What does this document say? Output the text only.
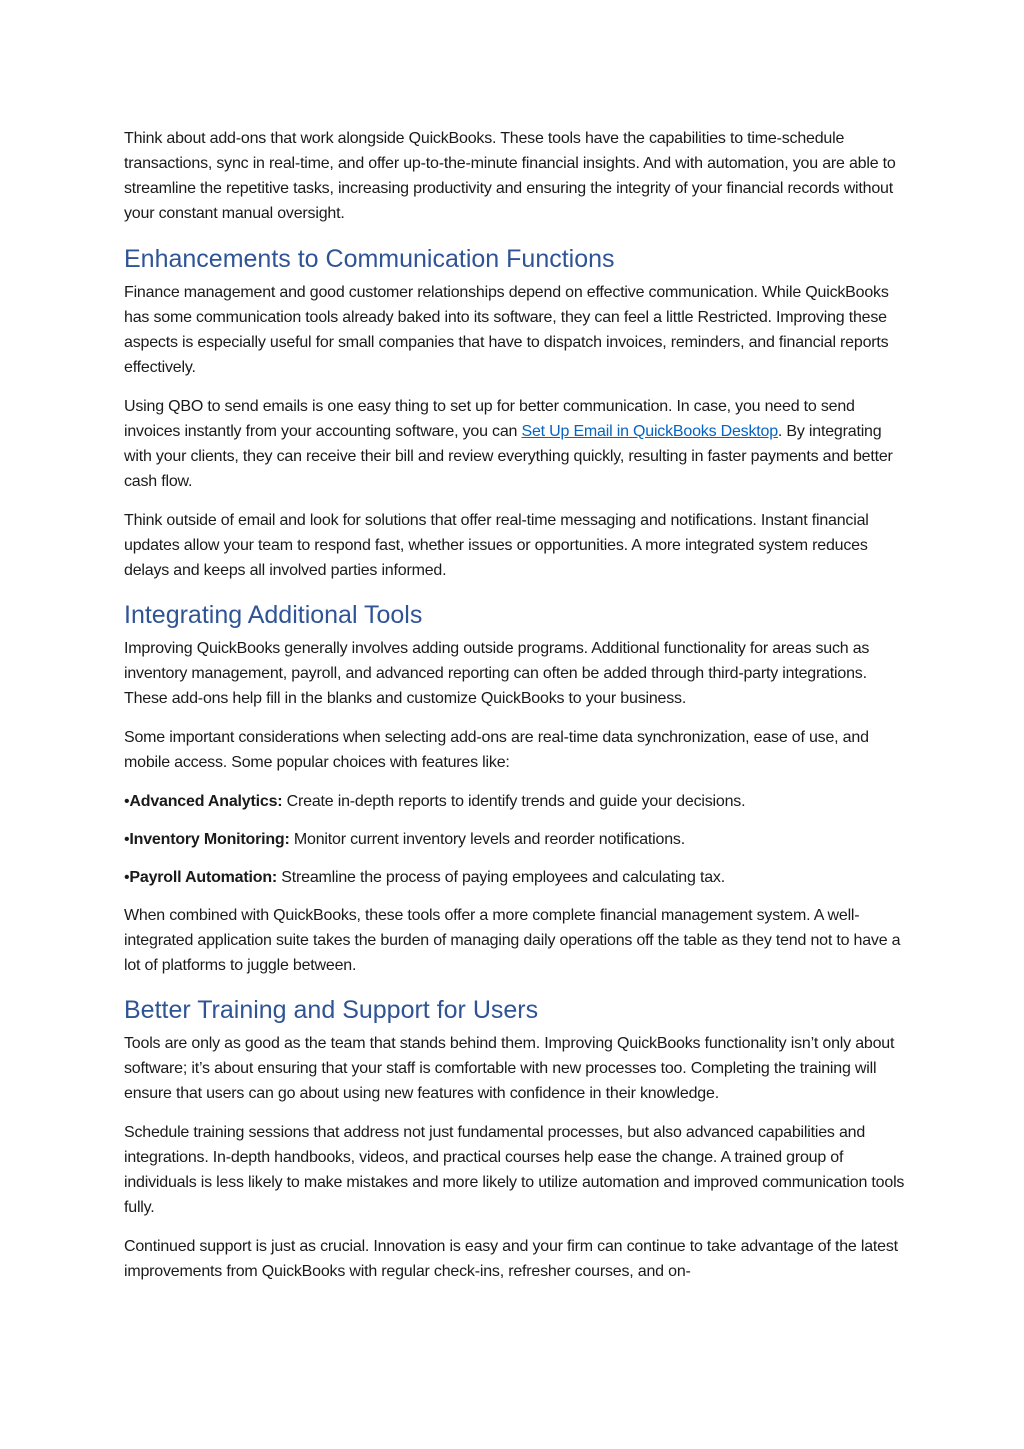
Think about add-ons that work alongside QuickBooks. These tools have the capabilities to time-schedule transactions, sync in real-time, and offer up-to-the-minute financial insights. And with automation, you are able to streamline the repetitive tasks, increasing productivity and ensuring the integrity of your financial records without your constant manual oversight.

Enhancements to Communication Functions

Finance management and good customer relationships depend on effective communication. While QuickBooks has some communication tools already baked into its software, they can feel a little Restricted. Improving these aspects is especially useful for small companies that have to dispatch invoices, reminders, and financial reports effectively.

Using QBO to send emails is one easy thing to set up for better communication. In case, you need to send invoices instantly from your accounting software, you can Set Up Email in QuickBooks Desktop. By integrating with your clients, they can receive their bill and review everything quickly, resulting in faster payments and better cash flow.

Think outside of email and look for solutions that offer real-time messaging and notifications. Instant financial updates allow your team to respond fast, whether issues or opportunities. A more integrated system reduces delays and keeps all involved parties informed.

Integrating Additional Tools

Improving QuickBooks generally involves adding outside programs. Additional functionality for areas such as inventory management, payroll, and advanced reporting can often be added through third-party integrations. These add-ons help fill in the blanks and customize QuickBooks to your business.

Some important considerations when selecting add-ons are real-time data synchronization, ease of use, and mobile access. Some popular choices with features like:

•Advanced Analytics: Create in-depth reports to identify trends and guide your decisions.

•Inventory Monitoring: Monitor current inventory levels and reorder notifications.

•Payroll Automation: Streamline the process of paying employees and calculating tax.

When combined with QuickBooks, these tools offer a more complete financial management system. A well-integrated application suite takes the burden of managing daily operations off the table as they tend not to have a lot of platforms to juggle between.

Better Training and Support for Users

Tools are only as good as the team that stands behind them. Improving QuickBooks functionality isn’t only about software; it’s about ensuring that your staff is comfortable with new processes too. Completing the training will ensure that users can go about using new features with confidence in their knowledge.

Schedule training sessions that address not just fundamental processes, but also advanced capabilities and integrations. In-depth handbooks, videos, and practical courses help ease the change. A trained group of individuals is less likely to make mistakes and more likely to utilize automation and improved communication tools fully.

Continued support is just as crucial. Innovation is easy and your firm can continue to take advantage of the latest improvements from QuickBooks with regular check-ins, refresher courses, and on-
